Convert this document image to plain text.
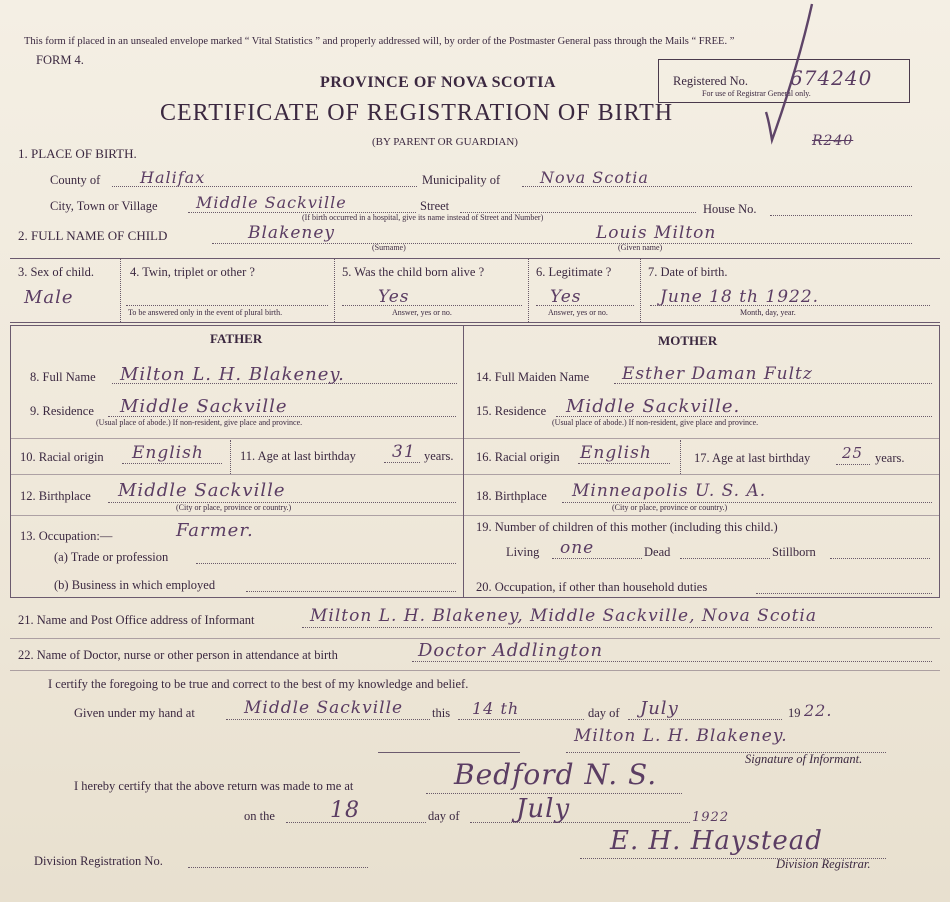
This form if placed in an unsealed envelope marked “ Vital Statistics ” and properly addressed will, by order of the Postmaster General pass through the Mails “ FREE. ”
FORM 4.
PROVINCE OF NOVA SCOTIA
CERTIFICATE OF REGISTRATION OF BIRTH
(BY PARENT OR GUARDIAN)
Registered No. 674240
For use of Registrar General only.
R240
1. PLACE OF BIRTH.
County of Halifax	Municipality of Nova Scotia
City, Town or Village Middle Sackville	Street	House No.
(If birth occurred in a hospital, give its name instead of Street and Number)
2. FULL NAME OF CHILD	Blakeney
(Surname)
Louis Milton
(Given name)
3. Sex of child.
Male
4. Twin, triplet or other ?
To be answered only in the event of plural birth.
5. Was the child born alive ?
Yes
Answer, yes or no.
6. Legitimate ?
Yes
Answer, yes or no.
7. Date of birth.
June 18 th 1922.
Month, day, year.
FATHER	MOTHER
8. Full Name Milton L. H. Blakeney.
9. Residence Middle Sackville
(Usual place of abode.) If non-resident, give place and province.
10. Racial origin English	11. Age at last birthday 31 years.
12. Birthplace Middle Sackville
(City or place, province or country.)
13. Occupation:—	Farmer.
(a) Trade or profession
(b) Business in which employed
14. Full Maiden Name Esther Daman Fultz
15. Residence Middle Sackville.
(Usual place of abode.) If non-resident, give place and province.
16. Racial origin English	17. Age at last birthday 25 years.
18. Birthplace Minneapolis U. S. A.
(City or place, province or country.)
19. Number of children of this mother (including this child.)
Living one	Dead	Stillborn
20. Occupation, if other than household duties
21. Name and Post Office address of Informant	Milton L. H. Blakeney, Middle Sackville, Nova Scotia
22. Name of Doctor, nurse or other person in attendance at birth	Doctor Addlington
I certify the foregoing to be true and correct to the best of my knowledge and belief.
Given under my hand at	Middle Sackville this 14 th	day of July	19 22.
Milton L. H. Blakeney.
Signature of Informant.
I hereby certify that the above return was made to me at	Bedford N. S.
on the	18	day of July	1922
E. H. Haystead
Division Registrar.
Division Registration No.
